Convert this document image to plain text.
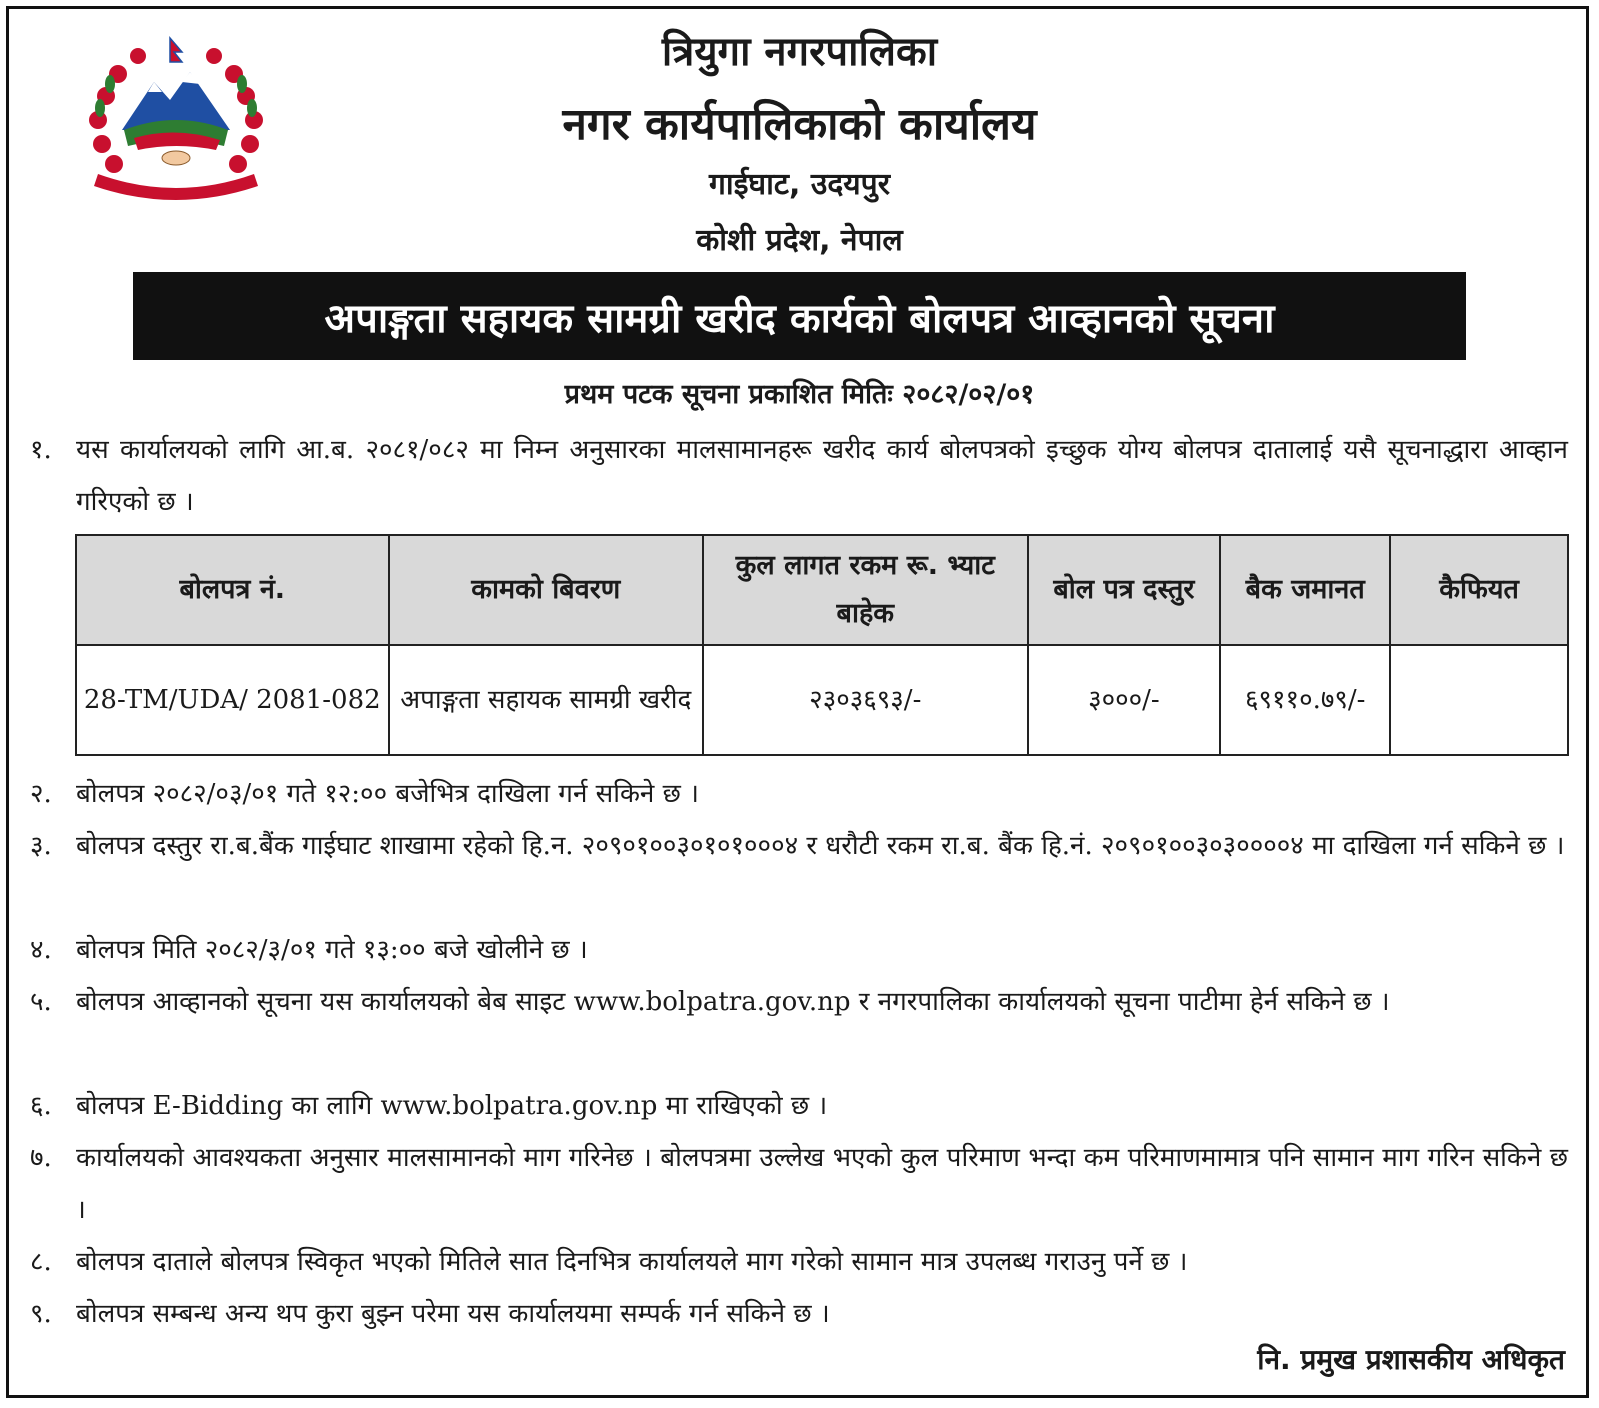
त्रियुगा नगरपालिका
नगर कार्यपालिकाको कार्यालय
गाईघाट, उदयपुर
कोशी प्रदेश, नेपाल
अपाङ्गता सहायक सामग्री खरीद कार्यको बोलपत्र आव्हानको सूचना
प्रथम पटक सूचना प्रकाशित मितिः २०८२/०२/०१
१. यस कार्यालयको लागि आ.ब. २०८१/०८२ मा निम्न अनुसारका मालसामानहरू खरीद कार्य बोलपत्रको इच्छुक योग्य बोलपत्र दातालाई यसै सूचनाद्धारा आव्हान गरिएको छ ।
बोलपत्र नं.	कामको बिवरण	कुल लागत रकम रू. भ्याट बाहेक	बोल पत्र दस्तुर	बैक जमानत	कैफियत
28-TM/UDA/ 2081-082	अपाङ्गता सहायक सामग्री खरीद	२३०३६९३/-	३०००/-	६९११०.७९/-	
२. बोलपत्र २०८२/०३/०१ गते १२:०० बजेभित्र दाखिला गर्न सकिने छ ।
३. बोलपत्र दस्तुर रा.ब.बैंक गाईघाट शाखामा रहेको हि.न. २०९०१००३०१०१०००४ र धरौटी रकम रा.ब. बैंक हि.नं. २०९०१००३०३००००४ मा दाखिला गर्न सकिने छ ।
४. बोलपत्र मिति २०८२/३/०१ गते १३:०० बजे खोलीने छ ।
५. बोलपत्र आव्हानको सूचना यस कार्यालयको बेब साइट www.bolpatra.gov.np र नगरपालिका कार्यालयको सूचना पाटीमा हेर्न सकिने छ ।
६. बोलपत्र E-Bidding का लागि www.bolpatra.gov.np मा राखिएको छ ।
७. कार्यालयको आवश्यकता अनुसार मालसामानको माग गरिनेछ । बोलपत्रमा उल्लेख भएको कुल परिमाण भन्दा कम परिमाणमामात्र पनि सामान माग गरिन सकिने छ ।
८. बोलपत्र दाताले बोलपत्र स्विकृत भएको मितिले सात दिनभित्र कार्यालयले माग गरेको सामान मात्र उपलब्ध गराउनु पर्ने छ ।
९. बोलपत्र सम्बन्ध अन्य थप कुरा बुझ्न परेमा यस कार्यालयमा सम्पर्क गर्न सकिने छ ।
नि. प्रमुख प्रशासकीय अधिकृत
